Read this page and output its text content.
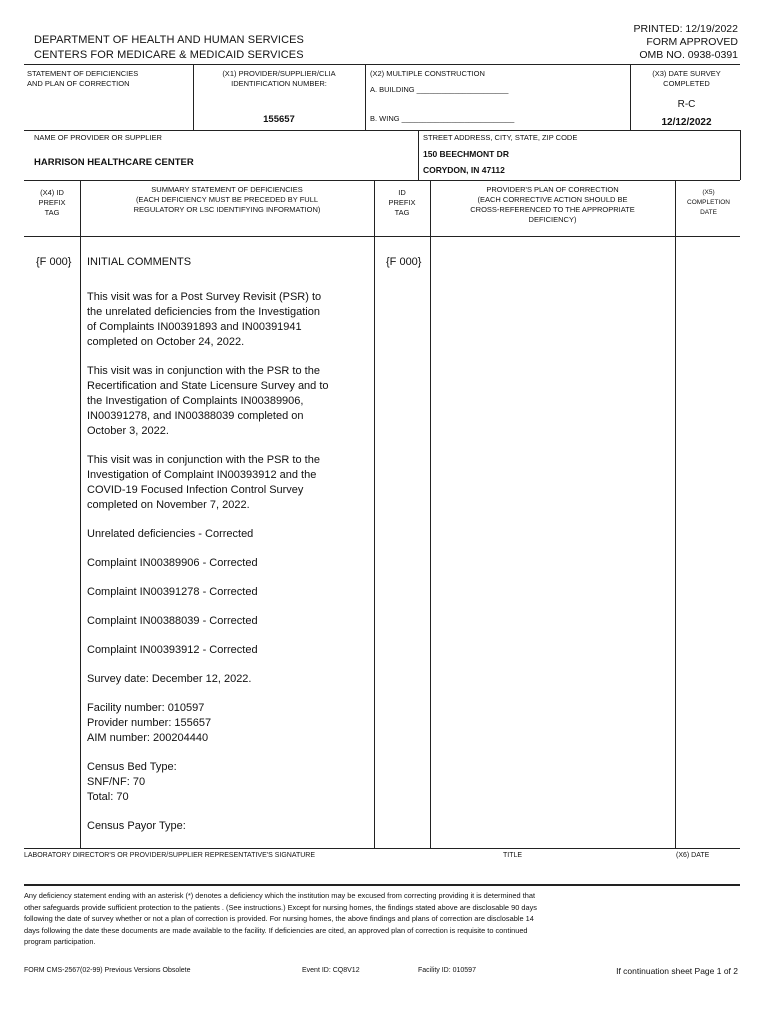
DEPARTMENT OF HEALTH AND HUMAN SERVICES
CENTERS FOR MEDICARE & MEDICAID SERVICES
PRINTED: 12/19/2022
FORM APPROVED
OMB NO. 0938-0391
STATEMENT OF DEFICIENCIES
AND PLAN OF CORRECTION
(X1) PROVIDER/SUPPLIER/CLIA
IDENTIFICATION NUMBER:
155657
(X2) MULTIPLE CONSTRUCTION
A. BUILDING ______________________
B. WING ___________________________
(X3) DATE SURVEY
COMPLETED
R-C
12/12/2022
NAME OF PROVIDER OR SUPPLIER
HARRISON HEALTHCARE CENTER
STREET ADDRESS, CITY, STATE, ZIP CODE
150 BEECHMONT DR
CORYDON, IN 47112
(X4) ID
PREFIX
TAG
SUMMARY STATEMENT OF DEFICIENCIES
(EACH DEFICIENCY MUST BE PRECEDED BY FULL
REGULATORY OR LSC IDENTIFYING INFORMATION)
ID
PREFIX
TAG
PROVIDER'S PLAN OF CORRECTION
(EACH CORRECTIVE ACTION SHOULD BE
CROSS-REFERENCED TO THE APPROPRIATE
DEFICIENCY)
(X5)
COMPLETION
DATE
{F 000} INITIAL COMMENTS	{F 000}

This visit was for a Post Survey Revisit (PSR) to
the unrelated deficiencies from the Investigation
of Complaints IN00391893 and IN00391941
completed on October 24, 2022.

This visit was in conjunction with the PSR to the
Recertification and State Licensure Survey and to
the Investigation of Complaints IN00389906,
IN00391278, and IN00388039 completed on
October 3, 2022.

This visit was in conjunction with the PSR to the
Investigation of Complaint IN00393912 and the
COVID-19 Focused Infection Control Survey
completed on November 7, 2022.

Unrelated deficiencies - Corrected

Complaint IN00389906 - Corrected

Complaint IN00391278 - Corrected

Complaint IN00388039 - Corrected

Complaint IN00393912 - Corrected

Survey date: December 12, 2022.

Facility number: 010597
Provider number: 155657
AIM number: 200204440

Census Bed Type:
SNF/NF: 70
Total: 70

Census Payor Type:

LABORATORY DIRECTOR'S OR PROVIDER/SUPPLIER REPRESENTATIVE'S SIGNATURE	TITLE	(X6) DATE
Any deficiency statement ending with an asterisk (*) denotes a deficiency which the institution may be excused from correcting providing it is determined that
other safeguards provide sufficient protection to the patients . (See instructions.) Except for nursing homes, the findings stated above are disclosable 90 days
following the date of survey whether or not a plan of correction is provided. For nursing homes, the above findings and plans of correction are disclosable 14
days following the date these documents are made available to the facility. If deficiencies are cited, an approved plan of correction is requisite to continued
program participation.
FORM CMS-2567(02-99) Previous Versions Obsolete	Event ID: CQ8V12	Facility ID: 010597	If continuation sheet Page 1 of 2
